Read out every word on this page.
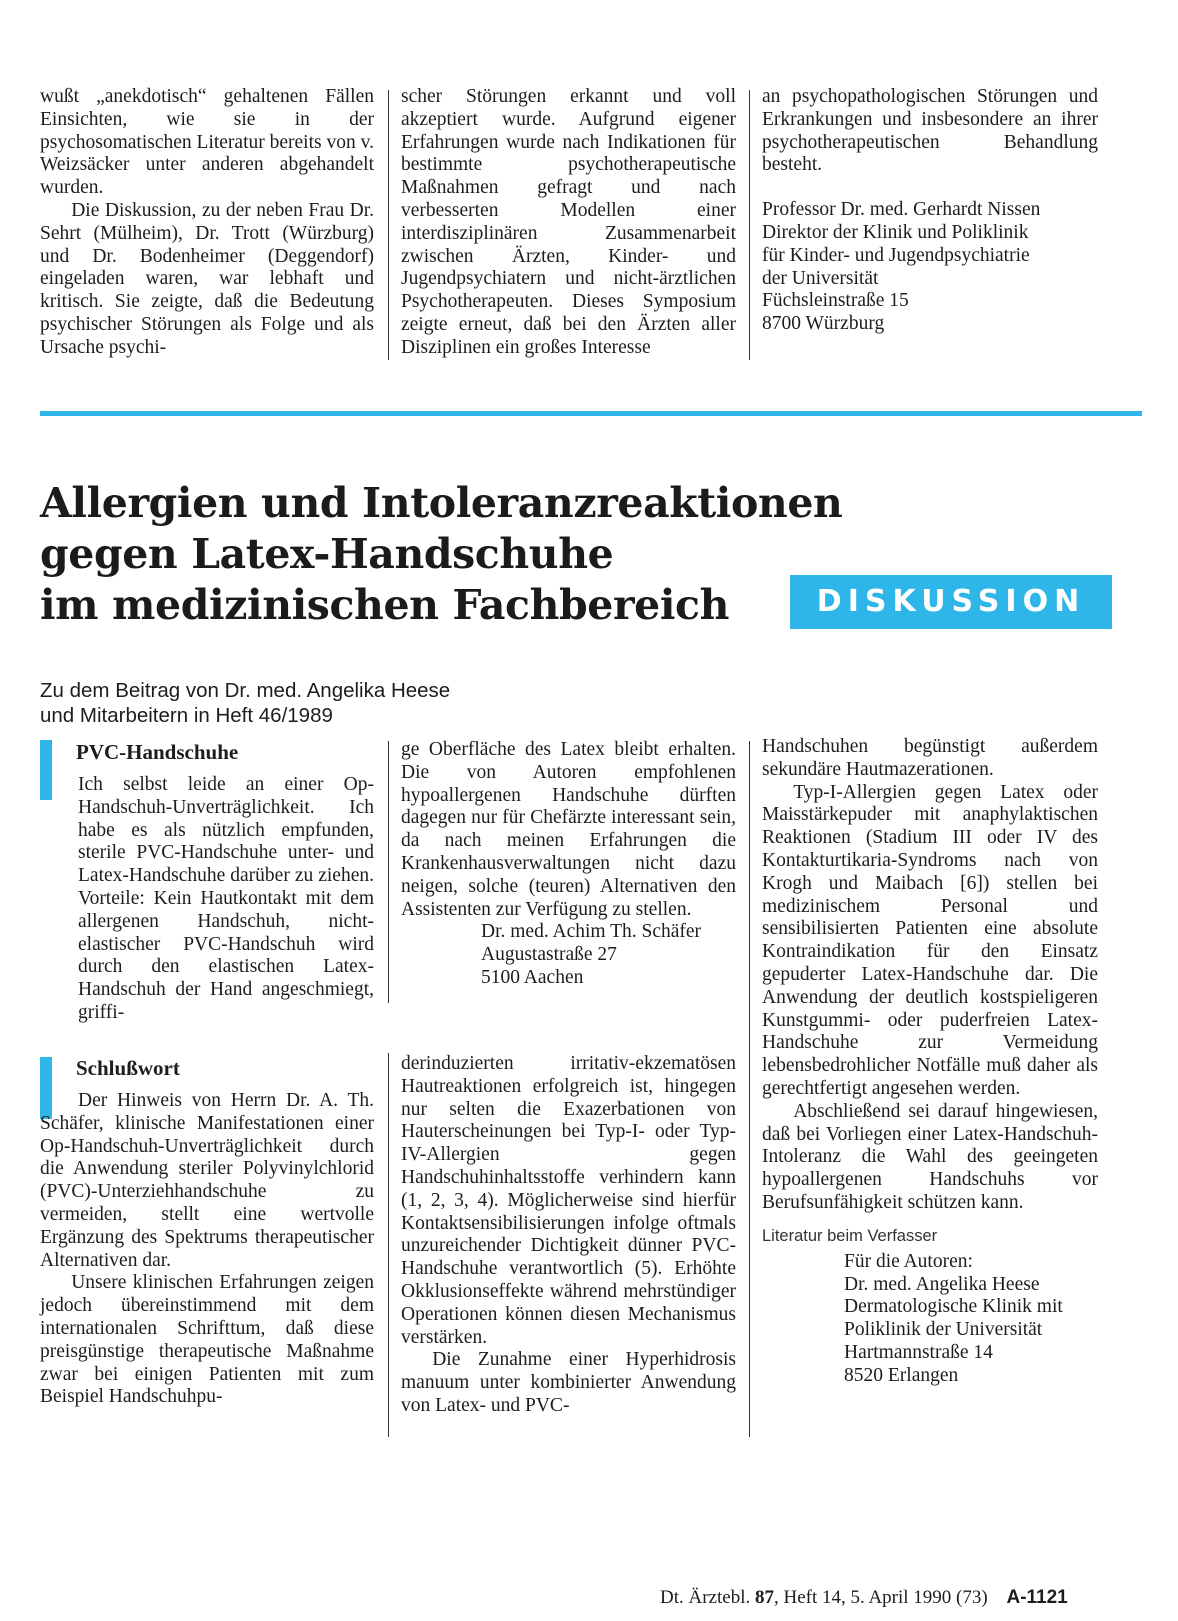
wußt „anekdotisch“ gehaltenen Fällen Einsichten, wie sie in der psychosomatischen Literatur bereits von v. Weizsäcker unter anderen abgehandelt wurden.

Die Diskussion, zu der neben Frau Dr. Sehrt (Mülheim), Dr. Trott (Würzburg) und Dr. Bodenheimer (Deggendorf) eingeladen waren, war lebhaft und kritisch. Sie zeigte, daß die Bedeutung psychischer Störungen als Folge und als Ursache psychi-

scher Störungen erkannt und voll akzeptiert wurde. Aufgrund eigener Erfahrungen wurde nach Indikationen für bestimmte psychotherapeutische Maßnahmen gefragt und nach verbesserten Modellen einer interdisziplinären Zusammenarbeit zwischen Ärzten, Kinder- und Jugendpsychiatern und nicht-ärztlichen Psychotherapeuten. Dieses Symposium zeigte erneut, daß bei den Ärzten aller Disziplinen ein großes Interesse

an psychopathologischen Störungen und Erkrankungen und insbesondere an ihrer psychotherapeutischen Behandlung besteht.

Professor Dr. med. Gerhardt Nissen
Direktor der Klinik und Poliklinik
für Kinder- und Jugendpsychiatrie
der Universität
Füchsleinstraße 15
8700 Würzburg
Allergien und Intoleranzreaktionen
gegen Latex-Handschuhe
im medizinischen Fachbereich	DISKUSSION
Zu dem Beitrag von Dr. med. Angelika Heese
und Mitarbeitern in Heft 46/1989
PVC-Handschuhe

Ich selbst leide an einer Op-Handschuh-Unverträglichkeit. Ich habe es als nützlich empfunden, sterile PVC-Handschuhe unter- und Latex-Handschuhe darüber zu ziehen. Vorteile: Kein Hautkontakt mit dem allergenen Handschuh, nicht-elastischer PVC-Handschuh wird durch den elastischen Latex-Handschuh der Hand angeschmiegt, griffi-

ge Oberfläche des Latex bleibt erhalten. Die von Autoren empfohlenen hypoallergenen Handschuhe dürften dagegen nur für Chefärzte interessant sein, da nach meinen Erfahrungen die Krankenhausverwaltungen nicht dazu neigen, solche (teuren) Alternativen den Assistenten zur Verfügung zu stellen.

Dr. med. Achim Th. Schäfer
Augustastraße 27
5100 Aachen
Schlußwort

Der Hinweis von Herrn Dr. A. Th. Schäfer, klinische Manifestationen einer Op-Handschuh-Unverträglichkeit durch die Anwendung steriler Polyvinylchlorid (PVC)-Unterziehhandschuhe zu vermeiden, stellt eine wertvolle Ergänzung des Spektrums therapeutischer Alternativen dar.

Unsere klinischen Erfahrungen zeigen jedoch übereinstimmend mit dem internationalen Schrifttum, daß diese preisgünstige therapeutische Maßnahme zwar bei einigen Patienten mit zum Beispiel Handschuhpu-

derinduzierten irritativ-ekzematösen Hautreaktionen erfolgreich ist, hingegen nur selten die Exazerbationen von Hauterscheinungen bei Typ-I- oder Typ-IV-Allergien gegen Handschuhinhaltsstoffe verhindern kann (1, 2, 3, 4). Möglicherweise sind hierfür Kontaktsensibilisierungen infolge oftmals unzureichender Dichtigkeit dünner PVC-Handschuhe verantwortlich (5). Erhöhte Okklusionseffekte während mehrstündiger Operationen können diesen Mechanismus verstärken.

Die Zunahme einer Hyperhidrosis manuum unter kombinierter Anwendung von Latex- und PVC-

Handschuhen begünstigt außerdem sekundäre Hautmazerationen.

Typ-I-Allergien gegen Latex oder Maisstärkepuder mit anaphylaktischen Reaktionen (Stadium III oder IV des Kontakturtikaria-Syndroms nach von Krogh und Maibach [6]) stellen bei medizinischem Personal und sensibilisierten Patienten eine absolute Kontraindikation für den Einsatz gepuderter Latex-Handschuhe dar. Die Anwendung der deutlich kostspieligeren Kunstgummi- oder puderfreien Latex-Handschuhe zur Vermeidung lebensbedrohlicher Notfälle muß daher als gerechtfertigt angesehen werden.

Abschließend sei darauf hingewiesen, daß bei Vorliegen einer Latex-Handschuh-Intoleranz die Wahl des geeingeten hypoallergenen Handschuhs vor Berufsunfähigkeit schützen kann.

Literatur beim Verfasser
Für die Autoren:
Dr. med. Angelika Heese
Dermatologische Klinik mit
Poliklinik der Universität
Hartmannstraße 14
8520 Erlangen
Dt. Ärztebl. 87, Heft 14, 5. April 1990 (73) A-1121
